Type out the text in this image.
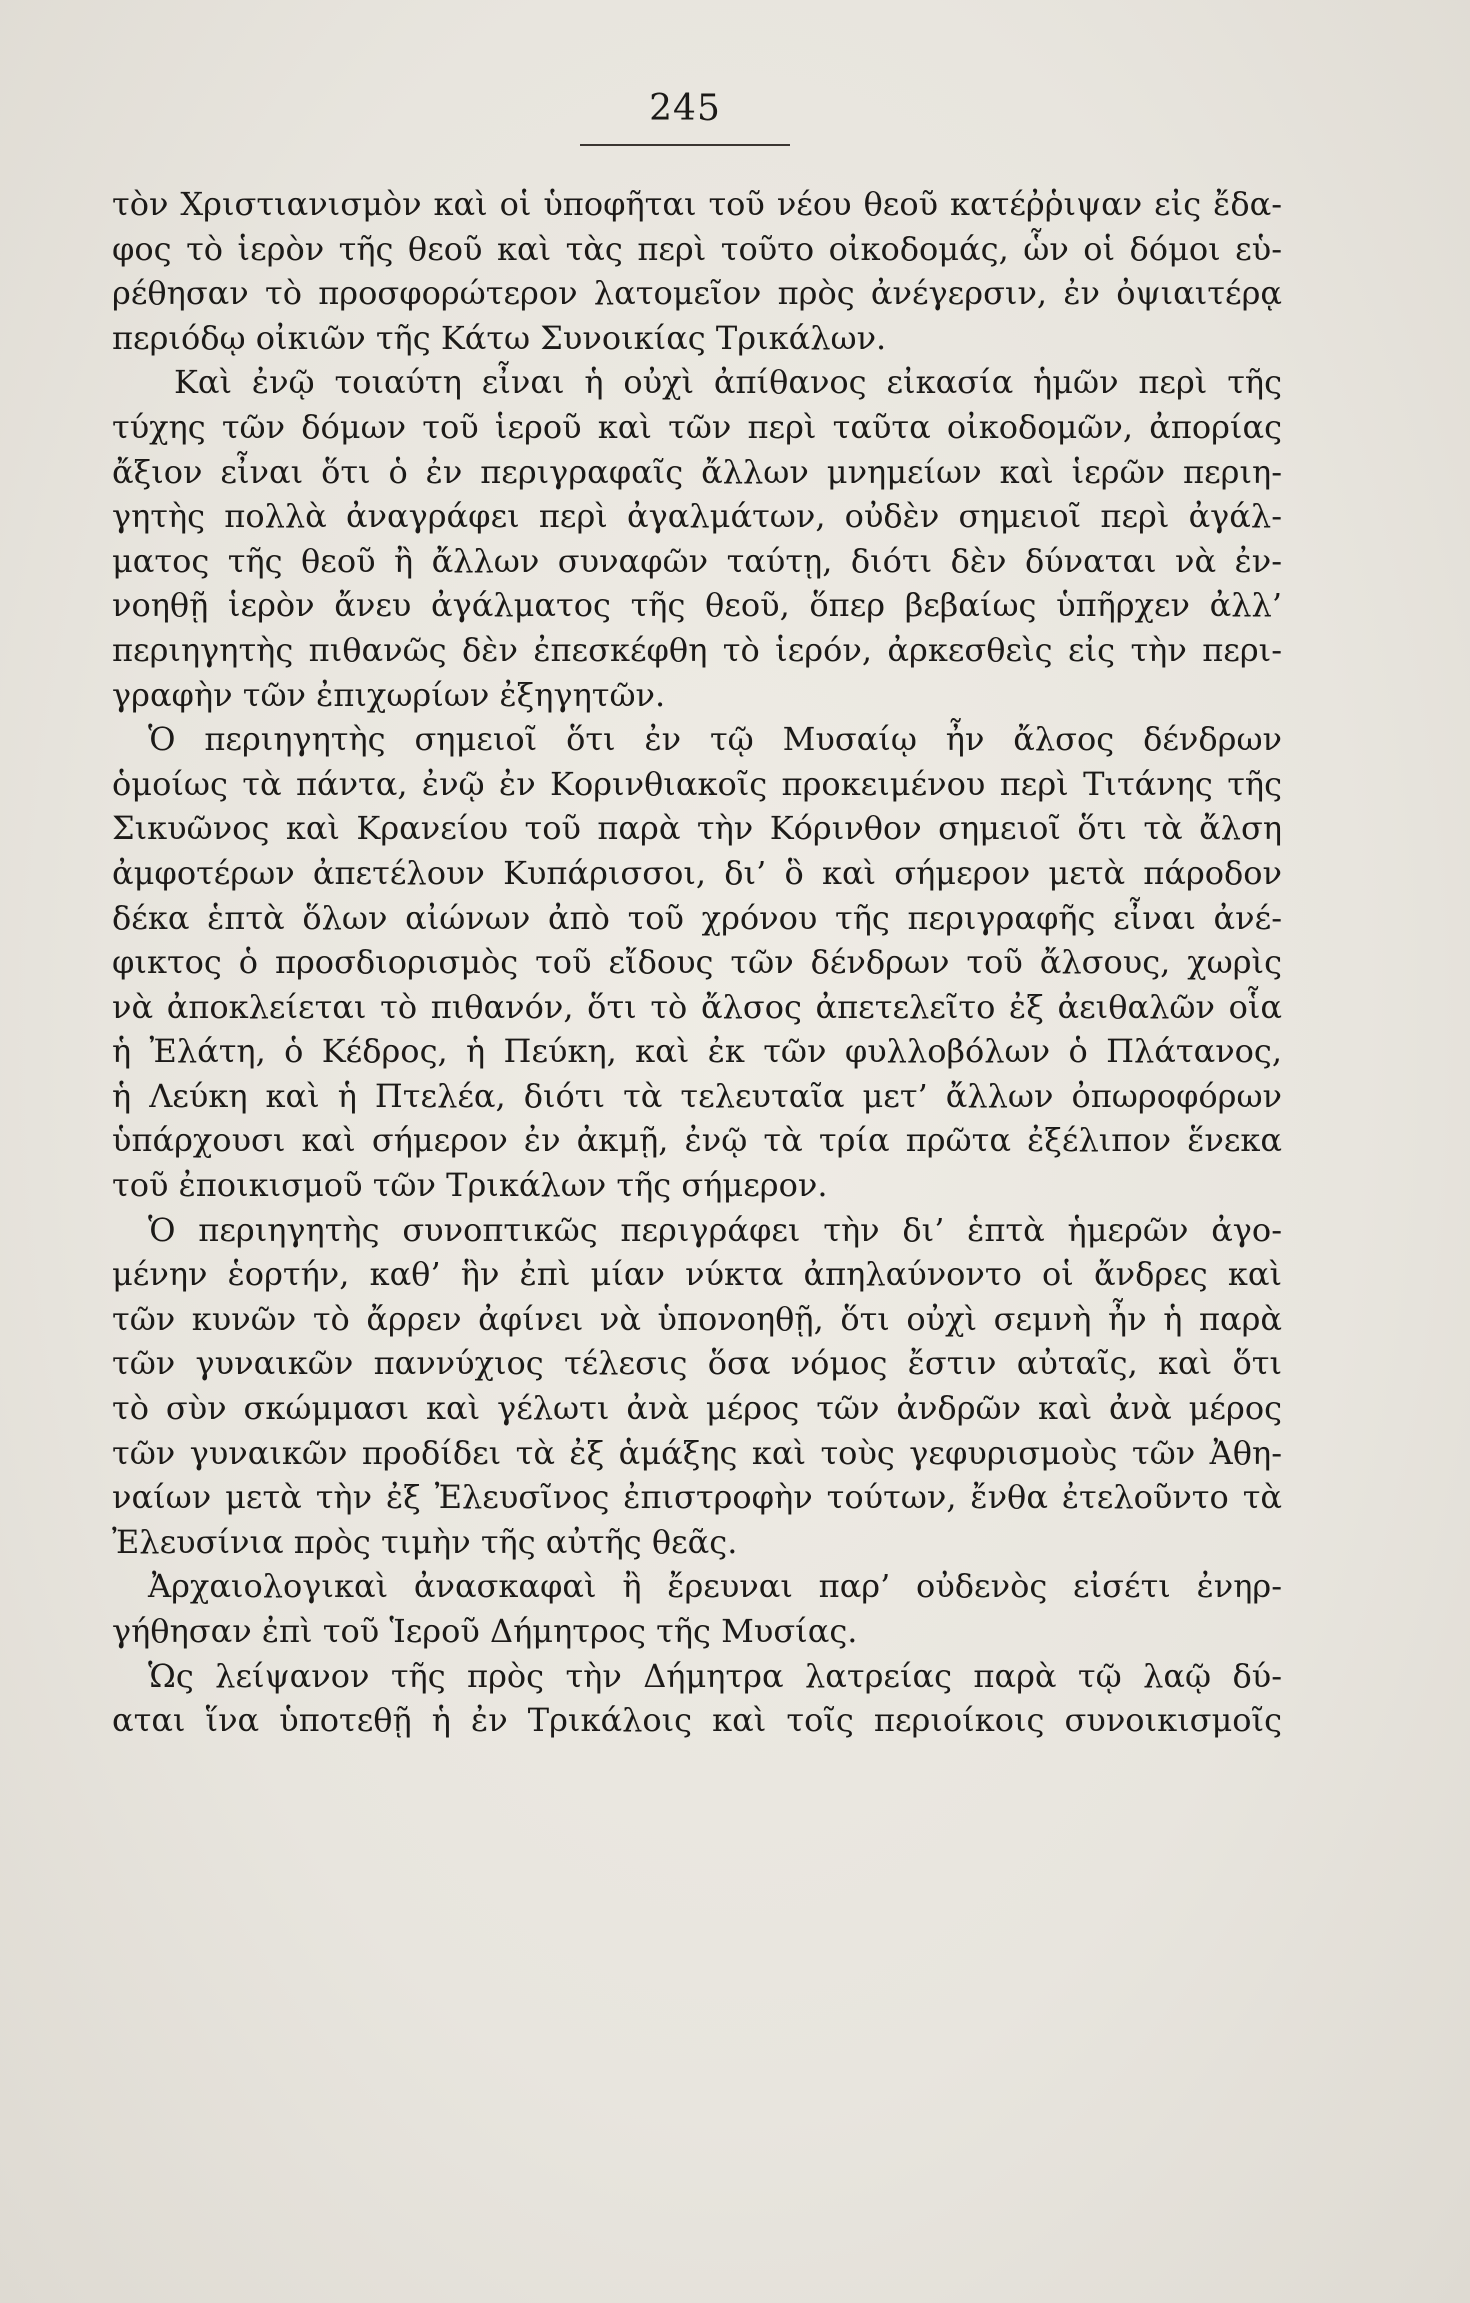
245
τὸν Χριστιανισμὸν καὶ οἱ ὑποφῆται τοῦ νέου θεοῦ κατέῤῥιψαν εἰς ἔδα-
φος τὸ ἱερὸν τῆς θεοῦ καὶ τὰς περὶ τοῦτο οἰκοδομάς, ὧν οἱ δόμοι εὑ-
ρέθησαν τὸ προσφορώτερον λατομεῖον πρὸς ἀνέγερσιν, ἐν ὀψιαιτέρᾳ
περιόδῳ οἰκιῶν τῆς Κάτω Συνοικίας Τρικάλων.
Καὶ ἐνῷ τοιαύτη εἶναι ἡ οὐχὶ ἀπίθανος εἰκασία ἡμῶν περὶ τῆς
τύχης τῶν δόμων τοῦ ἱεροῦ καὶ τῶν περὶ ταῦτα οἰκοδομῶν, ἀπορίας
ἄξιον εἶναι ὅτι ὁ ἐν περιγραφαῖς ἄλλων μνημείων καὶ ἱερῶν περιη-
γητὴς πολλὰ ἀναγράφει περὶ ἀγαλμάτων, οὐδὲν σημειοῖ περὶ ἀγάλ-
ματος τῆς θεοῦ ἢ ἄλλων συναφῶν ταύτῃ, διότι δὲν δύναται νὰ ἐν-
νοηθῇ ἱερὸν ἄνευ ἀγάλματος τῆς θεοῦ, ὅπερ βεβαίως ὑπῆρχεν ἀλλ’
περιηγητὴς πιθανῶς δὲν ἐπεσκέφθη τὸ ἱερόν, ἀρκεσθεὶς εἰς τὴν περι-
γραφὴν τῶν ἐπιχωρίων ἐξηγητῶν.
Ὁ περιηγητὴς σημειοῖ ὅτι ἐν τῷ Μυσαίῳ ἦν ἄλσος δένδρων
ὁμοίως τὰ πάντα, ἐνῷ ἐν Κορινθιακοῖς προκειμένου περὶ Τιτάνης τῆς
Σικυῶνος καὶ Κρανείου τοῦ παρὰ τὴν Κόρινθον σημειοῖ ὅτι τὰ ἄλση
ἀμφοτέρων ἀπετέλουν Κυπάρισσοι, δι’ ὃ καὶ σήμερον μετὰ πάροδον
δέκα ἑπτὰ ὅλων αἰώνων ἀπὸ τοῦ χρόνου τῆς περιγραφῆς εἶναι ἀνέ-
φικτος ὁ προσδιορισμὸς τοῦ εἴδους τῶν δένδρων τοῦ ἄλσους, χωρὶς
νὰ ἀποκλείεται τὸ πιθανόν, ὅτι τὸ ἄλσος ἀπετελεῖτο ἐξ ἀειθαλῶν οἷα
ἡ Ἐλάτη, ὁ Κέδρος, ἡ Πεύκη, καὶ ἐκ τῶν φυλλοβόλων ὁ Πλάτανος,
ἡ Λεύκη καὶ ἡ Πτελέα, διότι τὰ τελευταῖα μετ’ ἄλλων ὀπωροφόρων
ὑπάρχουσι καὶ σήμερον ἐν ἀκμῇ, ἐνῷ τὰ τρία πρῶτα ἐξέλιπον ἕνεκα
τοῦ ἐποικισμοῦ τῶν Τρικάλων τῆς σήμερον.
Ὁ περιηγητὴς συνοπτικῶς περιγράφει τὴν δι’ ἑπτὰ ἡμερῶν ἀγο-
μένην ἑορτήν, καθ’ ἣν ἐπὶ μίαν νύκτα ἀπηλαύνοντο οἱ ἄνδρες καὶ
τῶν κυνῶν τὸ ἄρρεν ἀφίνει νὰ ὑπονοηθῇ, ὅτι οὐχὶ σεμνὴ ἦν ἡ παρὰ
τῶν γυναικῶν παννύχιος τέλεσις ὅσα νόμος ἔστιν αὐταῖς, καὶ ὅτι
τὸ σὺν σκώμμασι καὶ γέλωτι ἀνὰ μέρος τῶν ἀνδρῶν καὶ ἀνὰ μέρος
τῶν γυναικῶν προδίδει τὰ ἐξ ἁμάξης καὶ τοὺς γεφυρισμοὺς τῶν Ἀθη-
ναίων μετὰ τὴν ἐξ Ἐλευσῖνος ἐπιστροφὴν τούτων, ἔνθα ἐτελοῦντο τὰ
Ἐλευσίνια πρὸς τιμὴν τῆς αὐτῆς θεᾶς.
Ἀρχαιολογικαὶ ἀνασκαφαὶ ἢ ἔρευναι παρ’ οὐδενὸς εἰσέτι ἐνηρ-
γήθησαν ἐπὶ τοῦ Ἱεροῦ Δήμητρος τῆς Μυσίας.
Ὡς λείψανον τῆς πρὸς τὴν Δήμητρα λατρείας παρὰ τῷ λαῷ δύ-
αται ἵνα ὑποτεθῇ ἡ ἐν Τρικάλοις καὶ τοῖς περιοίκοις συνοικισμοῖς
